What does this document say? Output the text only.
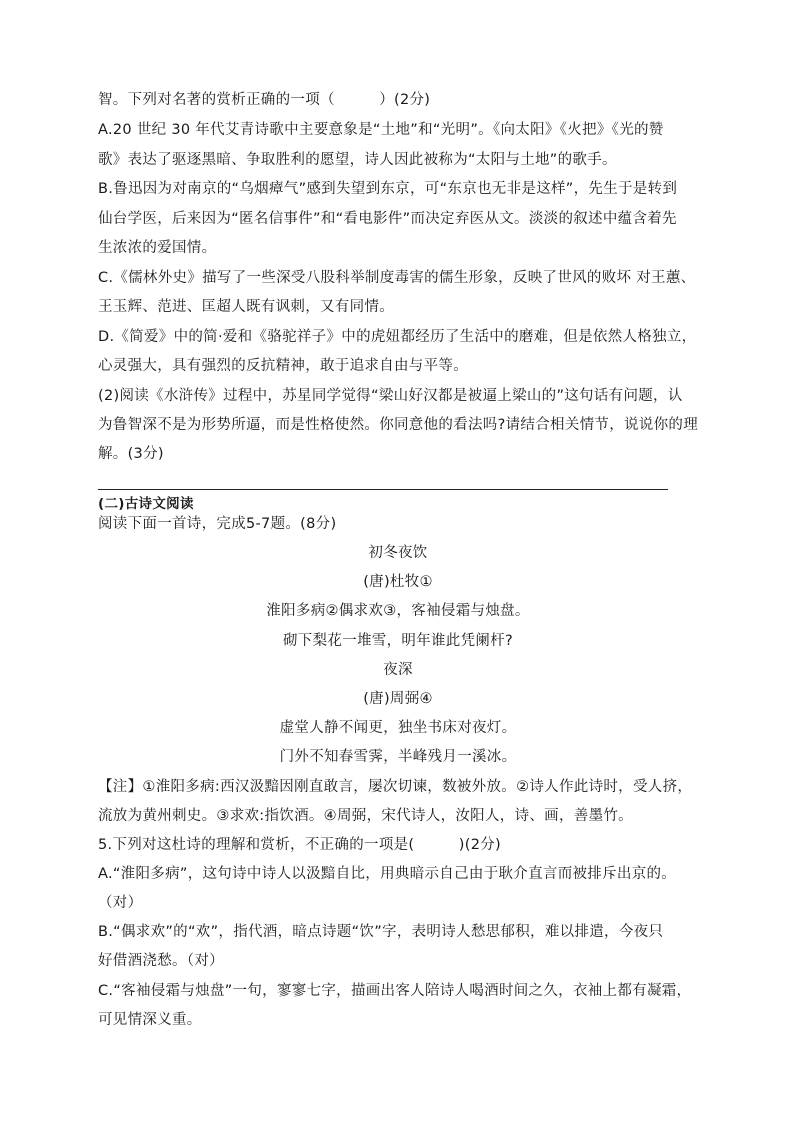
智。下列对名著的赏析正确的一项（　　　）(2分)
A.20 世纪 30 年代艾青诗歌中主要意象是“土地”和“光明”。《向太阳》《火把》《光的赞
歌》表达了驱逐黑暗、争取胜利的愿望，诗人因此被称为“太阳与土地”的歌手。
B.鲁迅因为对南京的“乌烟瘴气”感到失望到东京，可“东京也无非是这样”，先生于是转到
仙台学医，后来因为“匿名信事件”和“看电影件”而决定弃医从文。淡淡的叙述中蕴含着先
生浓浓的爱国情。
C.《儒林外史》描写了一些深受八股科举制度毒害的儒生形象，反映了世风的败坏 对王蕙、
王玉辉、范进、匡超人既有讽刺，又有同情。
D.《简爱》中的简·爱和《骆驼祥子》中的虎妞都经历了生活中的磨难，但是依然人格独立，
心灵强大，具有强烈的反抗精神，敢于追求自由与平等。
(2)阅读《水浒传》过程中，苏星同学觉得“梁山好汉都是被逼上梁山的”这句话有问题，认
为鲁智深不是为形势所逼，而是性格使然。你同意他的看法吗?请结合相关情节，说说你的理
解。(3分)
(二)古诗文阅读
阅读下面一首诗，完成5-7题。(8分)
初冬夜饮
(唐)杜牧①
淮阳多病②偶求欢③，客袖侵霜与烛盘。
砌下梨花一堆雪，明年谁此凭阑杆?
夜深
(唐)周弼④
虚堂人静不闻更，独坐书床对夜灯。
门外不知春雪霁，半峰残月一溪冰。
【注】①淮阳多病:西汉汲黯因刚直敢言，屡次切谏，数被外放。②诗人作此诗时，受人挤，
流放为黄州刺史。③求欢:指饮酒。④周弼，宋代诗人，汝阳人，诗、画，善墨竹。
5.下列对这杜诗的理解和赏析，不正确的一项是(　　　)(2分)
A.“淮阳多病”，这句诗中诗人以汲黯自比，用典暗示自己由于耿介直言而被排斥出京的。
（对）
B.“偶求欢”的“欢”，指代酒，暗点诗题“饮”字，表明诗人愁思郁积，难以排遣，今夜只
好借酒浇愁。（对）
C.“客袖侵霜与烛盘”一句，寥寥七字，描画出客人陪诗人喝酒时间之久，衣袖上都有凝霜，
可见情深义重。
